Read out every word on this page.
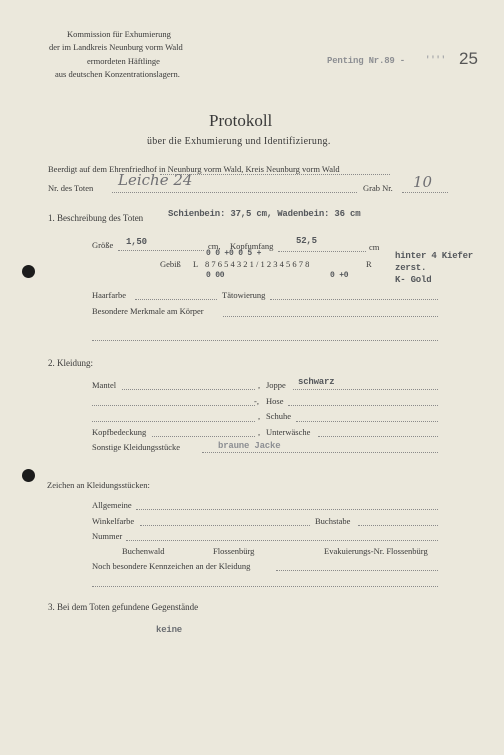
Kommission für Exhumierung
der im Landkreis Neunburg vorm Wald
ermordeten Häftlinge
aus deutschen Konzentrationslagern.
Penting Nr.89 - '''' 25
Protokoll
über die Exhumierung und Identifizierung.
Beerdigt auf dem Ehrenfriedhof in Neunburg vorm Wald, Kreis Neunburg vorm Wald
Nr. des Toten Leiche 24	Grab Nr. 10
1. Beschreibung des Toten	Schienbein: 37,5 cm, Wadenbein: 36 cm
Größe 1,50	cm, Kopfumfang	52,5
cm
0 0 +0 0 5 +
Gebiß L 8 7 6 5 4 3 2 1 / 1 2 3 4 5 6 7 8	R
0 00	0 +0
hinter 4 Kiefer
zerst.
K- Gold
Haarfarbe	Tätowierung
Besondere Merkmale am Körper
2. Kleidung:
Mantel	, Joppe schwarz
-, Hose
, Schuhe
Kopfbedeckung	, Unterwäsche
Sonstige Kleidungsstücke	braune Jacke
Zeichen an Kleidungsstücken:
Allgemeine
Winkelfarbe	Buchstabe
Nummer
Buchenwald	Flossenbürg	Evakuierungs-Nr. Flossenbürg
Noch besondere Kennzeichen an der Kleidung
3. Bei dem Toten gefundene Gegenstände
keine
